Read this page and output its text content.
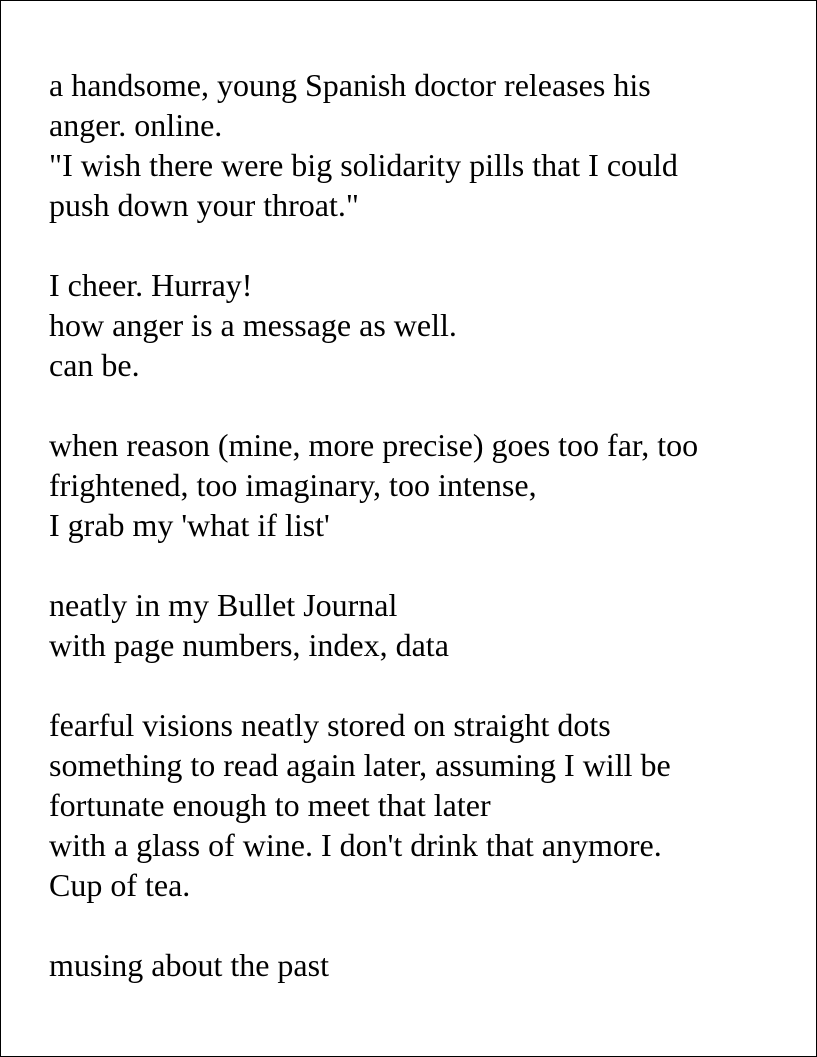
a handsome, young Spanish doctor releases his
anger. online.
"I wish there were big solidarity pills that I could
push down your throat."
I cheer. Hurray!
how anger is a message as well.
can be.
when reason (mine, more precise) goes too far, too
frightened, too imaginary, too intense,
I grab my 'what if list'
neatly in my Bullet Journal
with page numbers, index, data
fearful visions neatly stored on straight dots
something to read again later, assuming I will be
fortunate enough to meet that later
with a glass of wine. I don't drink that anymore.
Cup of tea.
musing about the past
